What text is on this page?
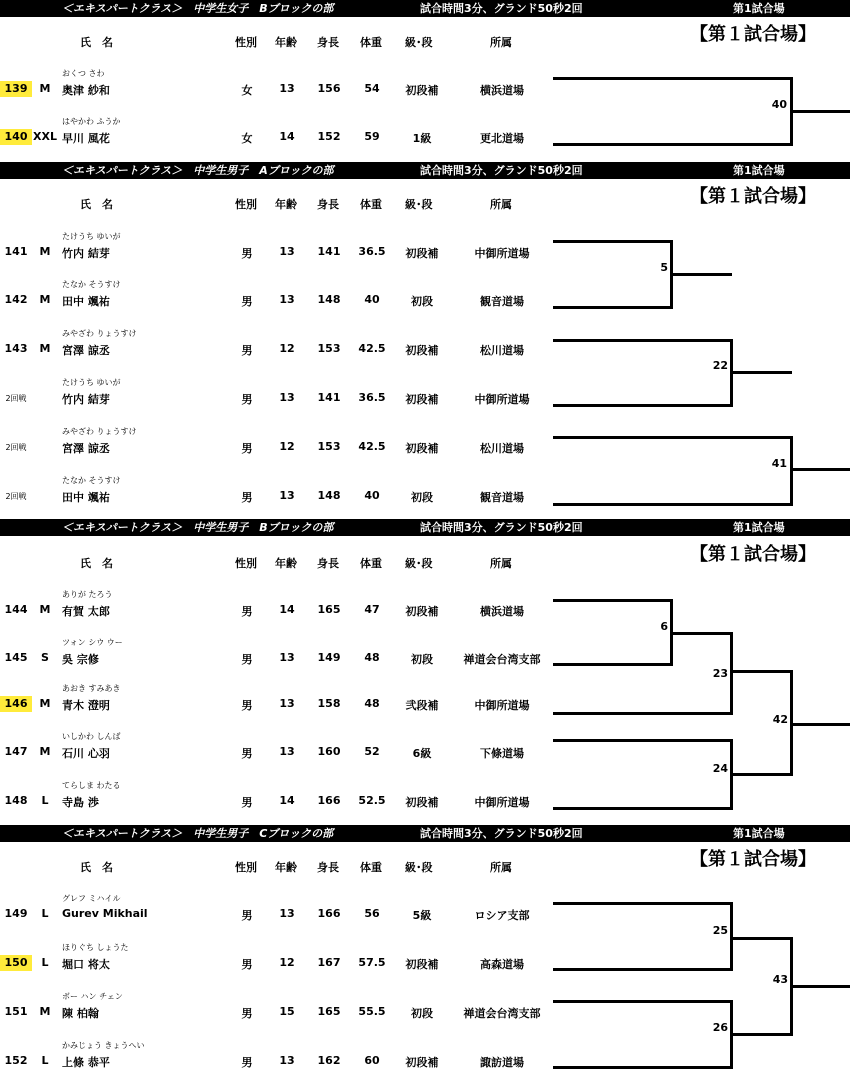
＜エキスパートクラス＞　中学生女子　Bブロックの部	試合時間3分、グランド50秒2回	第1試合場
【第１試合場】
氏　名	性別 年齢 身長 体重 級･段	所属
おくつ さわ
139	M	奥津 紗和	女	13	156	54	初段補	横浜道場
はやかわ ふうか
140 XXL 早川 風花	女	14	152	59	1級	更北道場
40
＜エキスパートクラス＞　中学生男子　Aブロックの部	試合時間3分、グランド50秒2回	第1試合場
【第１試合場】
氏　名	性別 年齢 身長 体重 級･段	所属
たけうち ゆいが
141	M	竹内 結芽	男	13	141	36.5	初段補	中御所道場
たなか そうすけ
142	M	田中 颯祐	男	13	148	40	初段	観音道場
みやざわ りょうすけ
143	M	宮澤 諒丞	男	12	153	42.5	初段補	松川道場
たけうち ゆいが
2回戦	竹内 結芽	男	13	141	36.5	初段補	中御所道場
みやざわ りょうすけ
2回戦	宮澤 諒丞	男	12	153	42.5	初段補	松川道場
たなか そうすけ
2回戦	田中 颯祐	男	13	148	40	初段	観音道場
5
22
41
＜エキスパートクラス＞　中学生男子　Bブロックの部	試合時間3分、グランド50秒2回	第1試合場
【第１試合場】
氏　名	性別 年齢 身長 体重 級･段	所属
ありが たろう
144	M	有賀 太郎	男	14	165	47	初段補	横浜道場
ツォン シウ ウー
145	S	吳 宗修	男	13	149	48	初段	禅道会台湾支部
あおき すみあき
146	M	青木 澄明	男	13	158	48	弐段補	中御所道場
いしかわ しんば
147	M	石川 心羽	男	13	160	52	6級	下條道場
てらしま わたる
148	L	寺島 渉	男	14	166	52.5	初段補	中御所道場
6
23
24
42
＜エキスパートクラス＞　中学生男子　Cブロックの部	試合時間3分、グランド50秒2回	第1試合場
【第１試合場】
氏　名	性別 年齢 身長 体重 級･段	所属
グレフ ミハイル
149	L	Gurev Mikhail	男	13	166	56	5級	ロシア支部
ほりぐち しょうた
150	L	堀口 将太	男	12	167	57.5	初段補	高森道場
ボー ハン チェン
151	M	陳 柏翰	男	15	165	55.5	初段	禅道会台湾支部
かみじょう きょうへい
152	L	上條 恭平	男	13	162	60	初段補	諏訪道場
25
26
43
